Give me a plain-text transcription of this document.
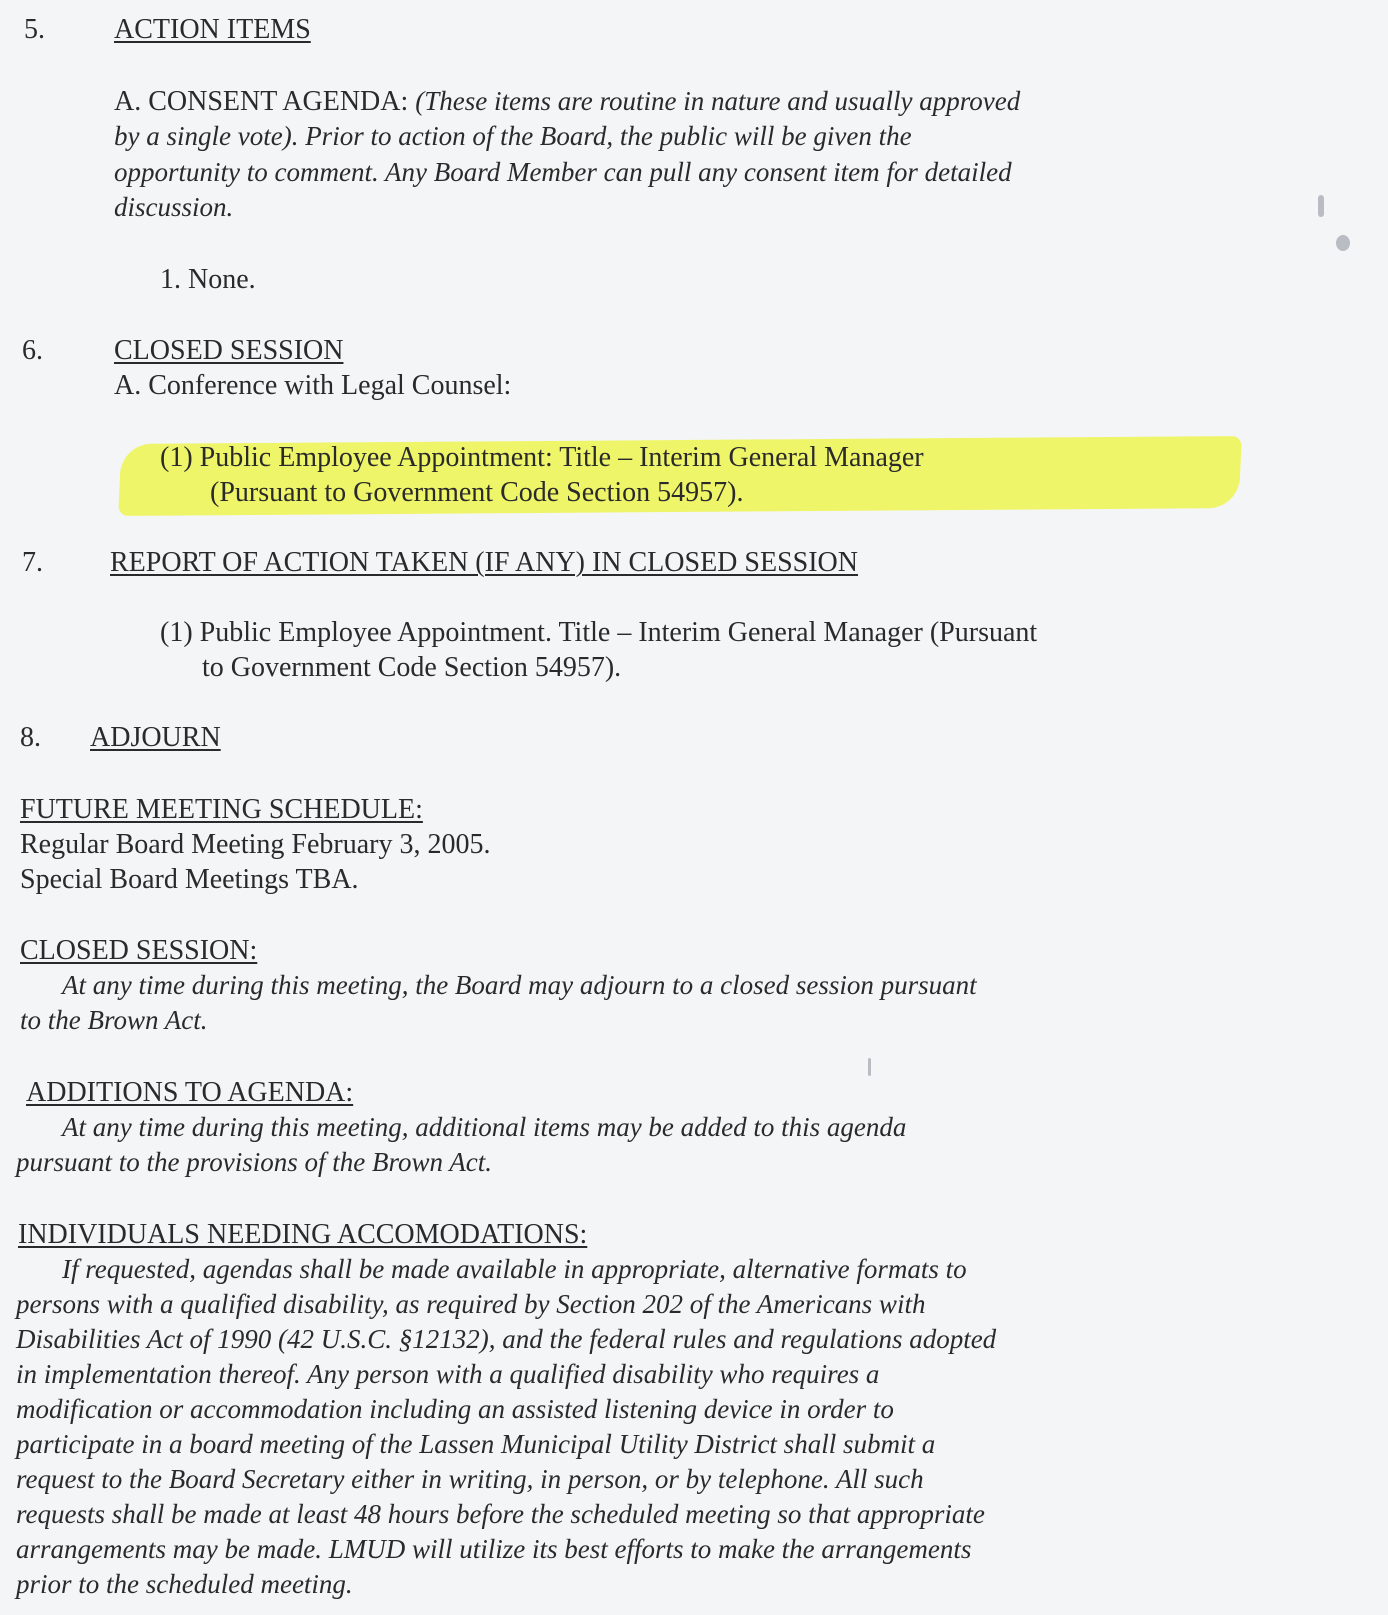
5. ACTION ITEMS

A. CONSENT AGENDA: (These items are routine in nature and usually approved

by a single vote). Prior to action of the Board, the public will be given the

opportunity to comment. Any Board Member can pull any consent item for detailed

discussion.

1. None.

6.	CLOSED SESSION

A. Conference with Legal Counsel:

(1) Public Employee Appointment: Title – Interim General Manager

(Pursuant to Government Code Section 54957).

7. REPORT OF ACTION TAKEN (IF ANY) IN CLOSED SESSION

(1) Public Employee Appointment. Title – Interim General Manager (Pursuant

to Government Code Section 54957).

8. ADJOURN

FUTURE MEETING SCHEDULE:

Regular Board Meeting February 3, 2005.

Special Board Meetings TBA.

CLOSED SESSION:

At any time during this meeting, the Board may adjourn to a closed session pursuant

to the Brown Act.

ADDITIONS TO AGENDA:

At any time during this meeting, additional items may be added to this agenda

pursuant to the provisions of the Brown Act.

INDIVIDUALS NEEDING ACCOMODATIONS:

If requested, agendas shall be made available in appropriate, alternative formats to

persons with a qualified disability, as required by Section 202 of the Americans with

Disabilities Act of 1990 (42 U.S.C. §12132), and the federal rules and regulations adopted

in implementation thereof. Any person with a qualified disability who requires a

modification or accommodation including an assisted listening device in order to

participate in a board meeting of the Lassen Municipal Utility District shall submit a

request to the Board Secretary either in writing, in person, or by telephone. All such

requests shall be made at least 48 hours before the scheduled meeting so that appropriate

arrangements may be made. LMUD will utilize its best efforts to make the arrangements

prior to the scheduled meeting.
